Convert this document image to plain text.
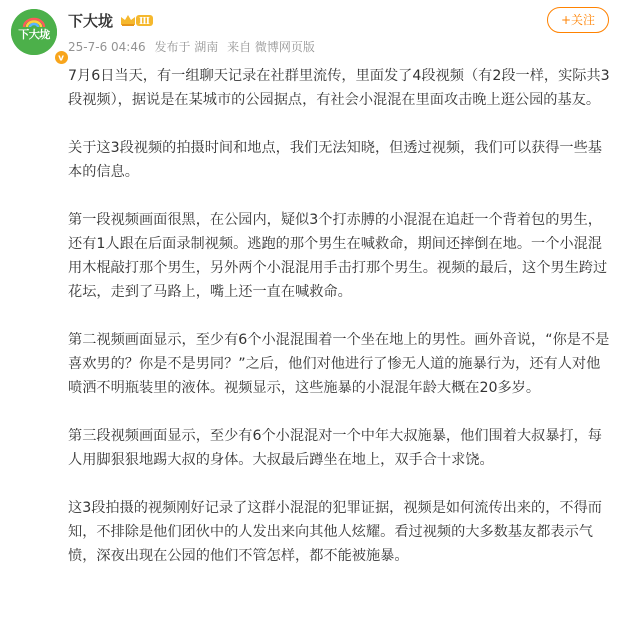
下大垅
v
下大垅	Ⅲ
25-7-6 04:46 发布于 湖南 来自 微博网页版
+关注

7月6日当天，有一组聊天记录在社群里流传，里面发了4段视频（有2段一样，实际共3段视频），据说是在某城市的公园据点，有社会小混混在里面攻击晚上逛公园的基友。

关于这3段视频的拍摄时间和地点，我们无法知晓，但透过视频，我们可以获得一些基本的信息。

第一段视频画面很黑，在公园内，疑似3个打赤膊的小混混在追赶一个背着包的男生，还有1人跟在后面录制视频。逃跑的那个男生在喊救命，期间还摔倒在地。一个小混混用木棍敲打那个男生，另外两个小混混用手击打那个男生。视频的最后，这个男生跨过花坛，走到了马路上，嘴上还一直在喊救命。

第二视频画面显示，至少有6个小混混围着一个坐在地上的男性。画外音说，“你是不是喜欢男的？你是不是男同？”之后，他们对他进行了惨无人道的施暴行为，还有人对他喷洒不明瓶装里的液体。视频显示，这些施暴的小混混年龄大概在20多岁。

第三段视频画面显示，至少有6个小混混对一个中年大叔施暴，他们围着大叔暴打，每人用脚狠狠地踢大叔的身体。大叔最后蹲坐在地上，双手合十求饶。

这3段拍摄的视频刚好记录了这群小混混的犯罪证据，视频是如何流传出来的，不得而知，不排除是他们团伙中的人发出来向其他人炫耀。看过视频的大多数基友都表示气愤，深夜出现在公园的他们不管怎样，都不能被施暴。
